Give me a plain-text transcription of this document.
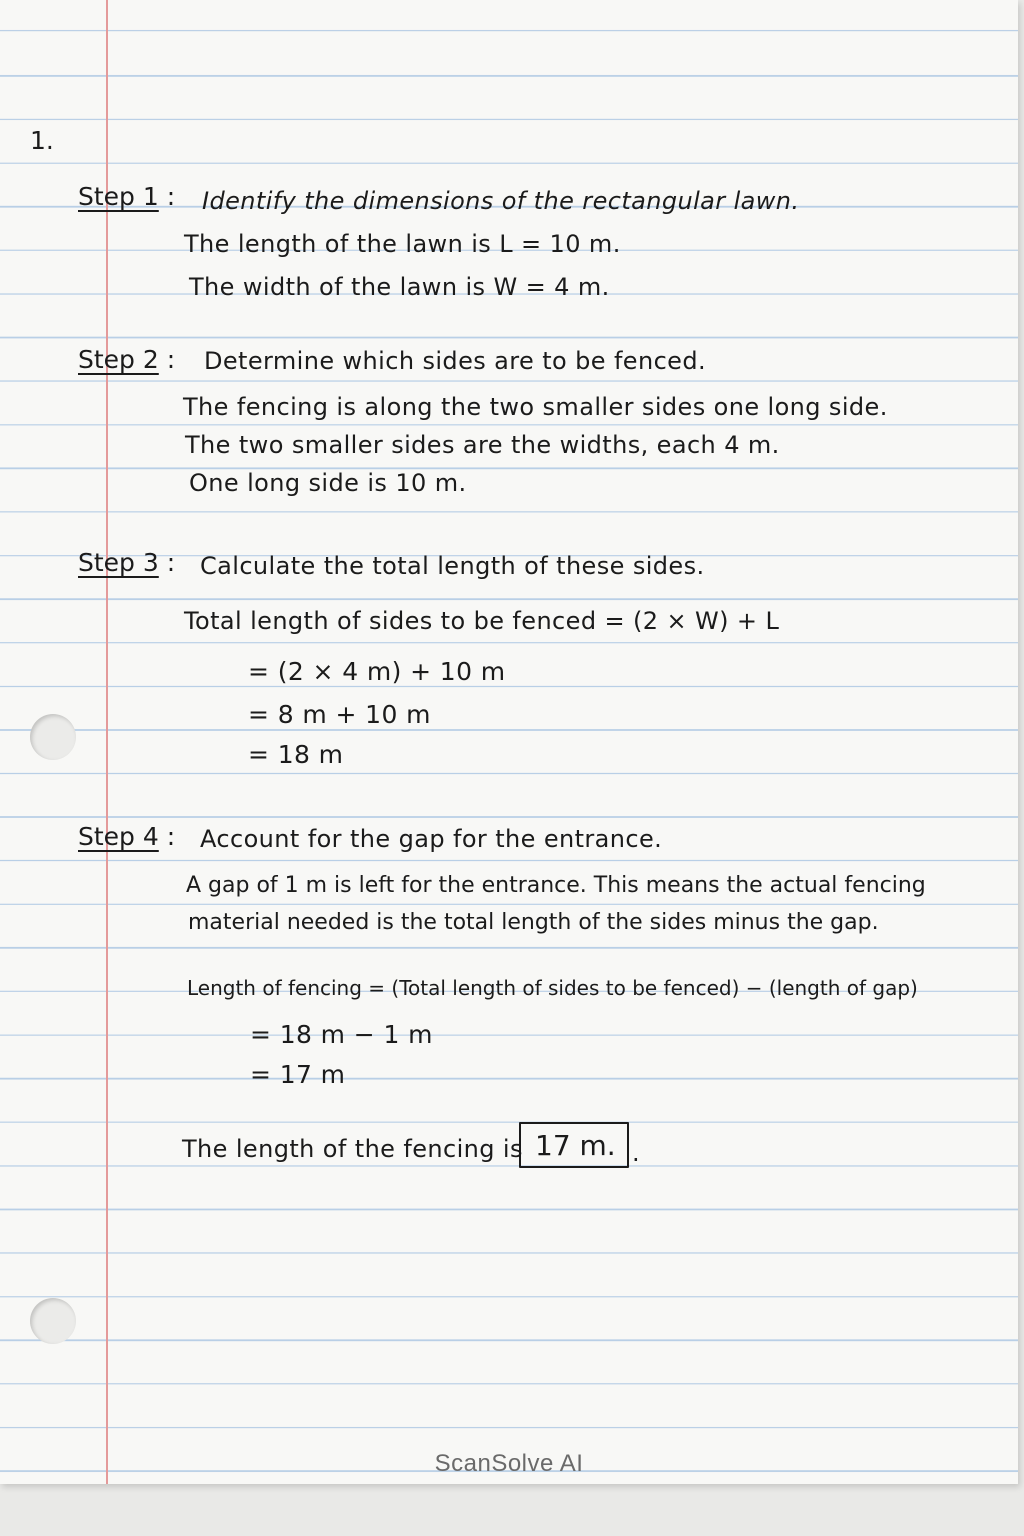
1.
Step 1 : Identify the dimensions of the rectangular lawn.
The length of the lawn is L = 10 m.
The width of the lawn is W = 4 m.
Step 2 : Determine which sides are to be fenced.
The fencing is along the two smaller sides one long side.
The two smaller sides are the widths, each 4 m.
One long side is 10 m.
Step 3 : Calculate the total length of these sides.
Total length of sides to be fenced = (2 × W) + L
= (2 × 4 m) + 10 m
= 8 m + 10 m
= 18 m
Step 4 : Account for the gap for the entrance.
A gap of 1 m is left for the entrance. This means the actual fencing
material needed is the total length of the sides minus the gap.
Length of fencing = (Total length of sides to be fenced) − (length of gap)
= 18 m − 1 m
= 17 m
The length of the fencing is 17 m. .
ScanSolve AI
